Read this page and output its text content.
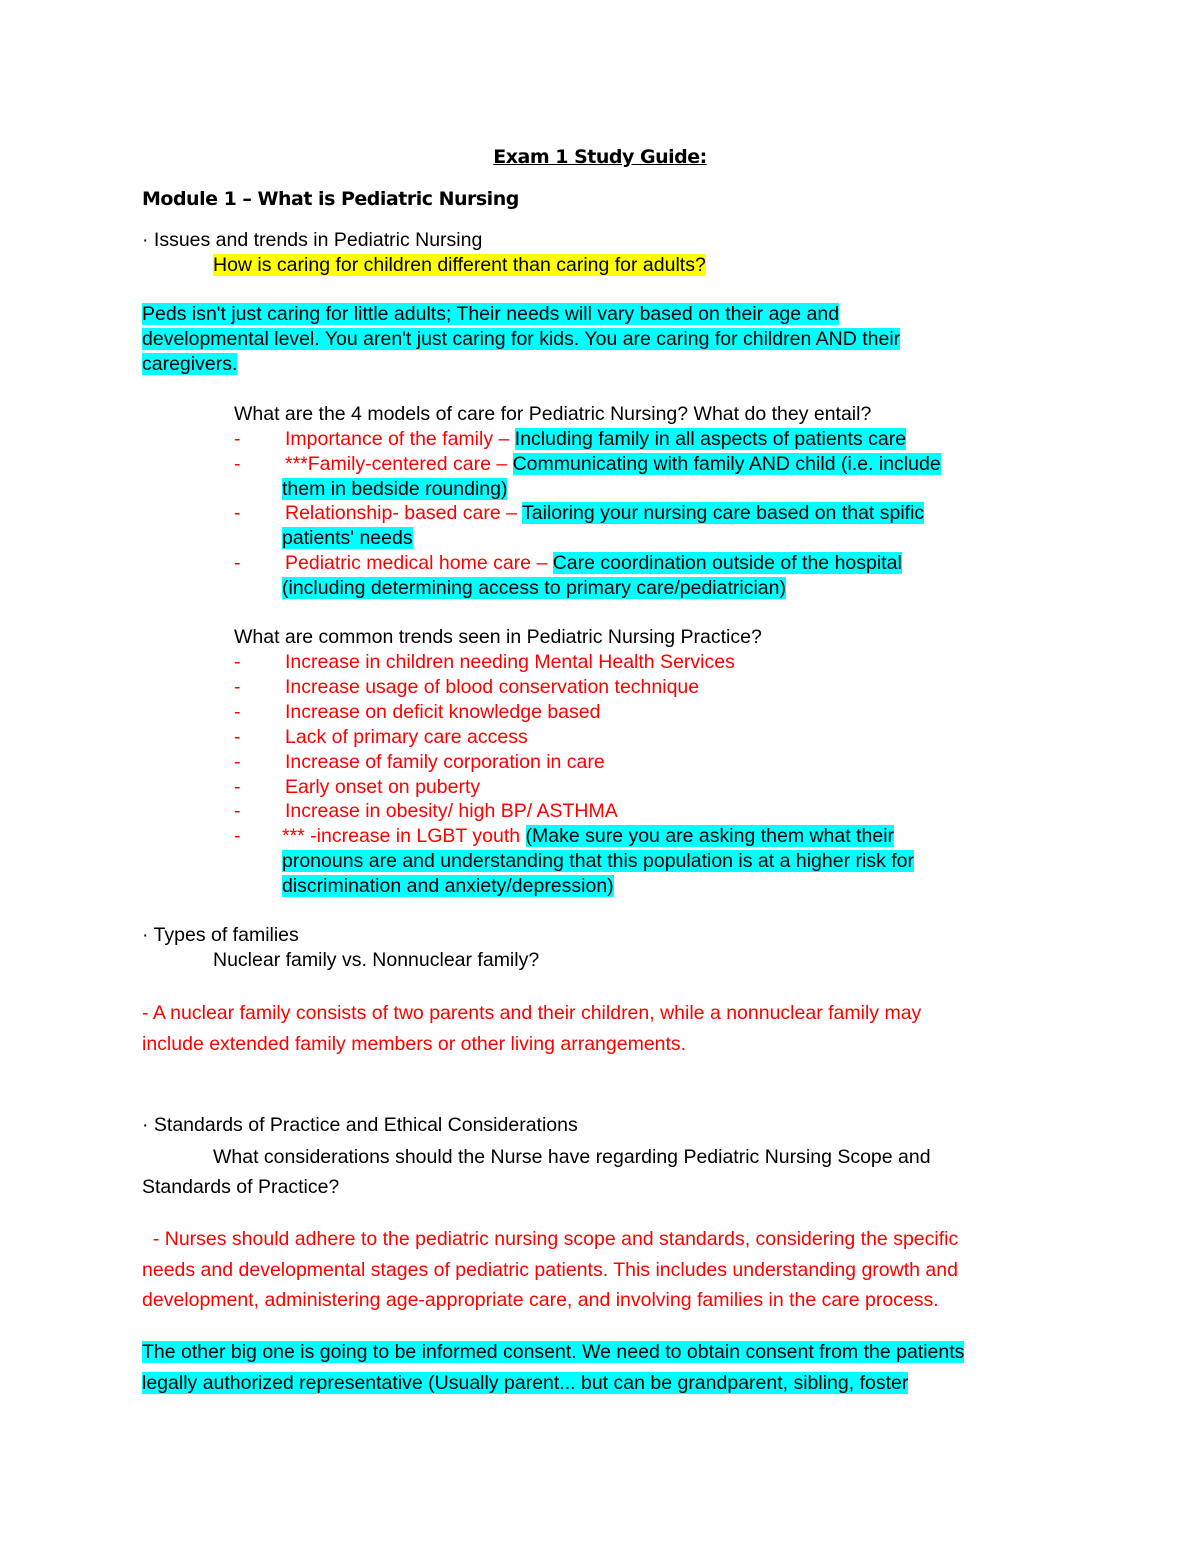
Exam 1 Study Guide:
Module 1 – What is Pediatric Nursing
· Issues and trends in Pediatric Nursing
How is caring for children different than caring for adults?
Peds isn't just caring for little adults; Their needs will vary based on their age and
developmental level. You aren't just caring for kids. You are caring for children AND their
caregivers.
What are the 4 models of care for Pediatric Nursing? What do they entail?
- Importance of the family – Including family in all aspects of patients care
- ***Family-centered care – Communicating with family AND child (i.e. include
them in bedside rounding)
- Relationship- based care – Tailoring your nursing care based on that spific
patients' needs
- Pediatric medical home care – Care coordination outside of the hospital
(including determining access to primary care/pediatrician)
What are common trends seen in Pediatric Nursing Practice?
- Increase in children needing Mental Health Services
- Increase usage of blood conservation technique
- Increase on deficit knowledge based
- Lack of primary care access
- Increase of family corporation in care
- Early onset on puberty
- Increase in obesity/ high BP/ ASTHMA
- *** -increase in LGBT youth (Make sure you are asking them what their
pronouns are and understanding that this population is at a higher risk for
discrimination and anxiety/depression)
· Types of families
Nuclear family vs. Nonnuclear family?
- A nuclear family consists of two parents and their children, while a nonnuclear family may
include extended family members or other living arrangements.
· Standards of Practice and Ethical Considerations
What considerations should the Nurse have regarding Pediatric Nursing Scope and
Standards of Practice?
- Nurses should adhere to the pediatric nursing scope and standards, considering the specific
needs and developmental stages of pediatric patients. This includes understanding growth and
development, administering age-appropriate care, and involving families in the care process.
The other big one is going to be informed consent. We need to obtain consent from the patients
legally authorized representative (Usually parent... but can be grandparent, sibling, foster
